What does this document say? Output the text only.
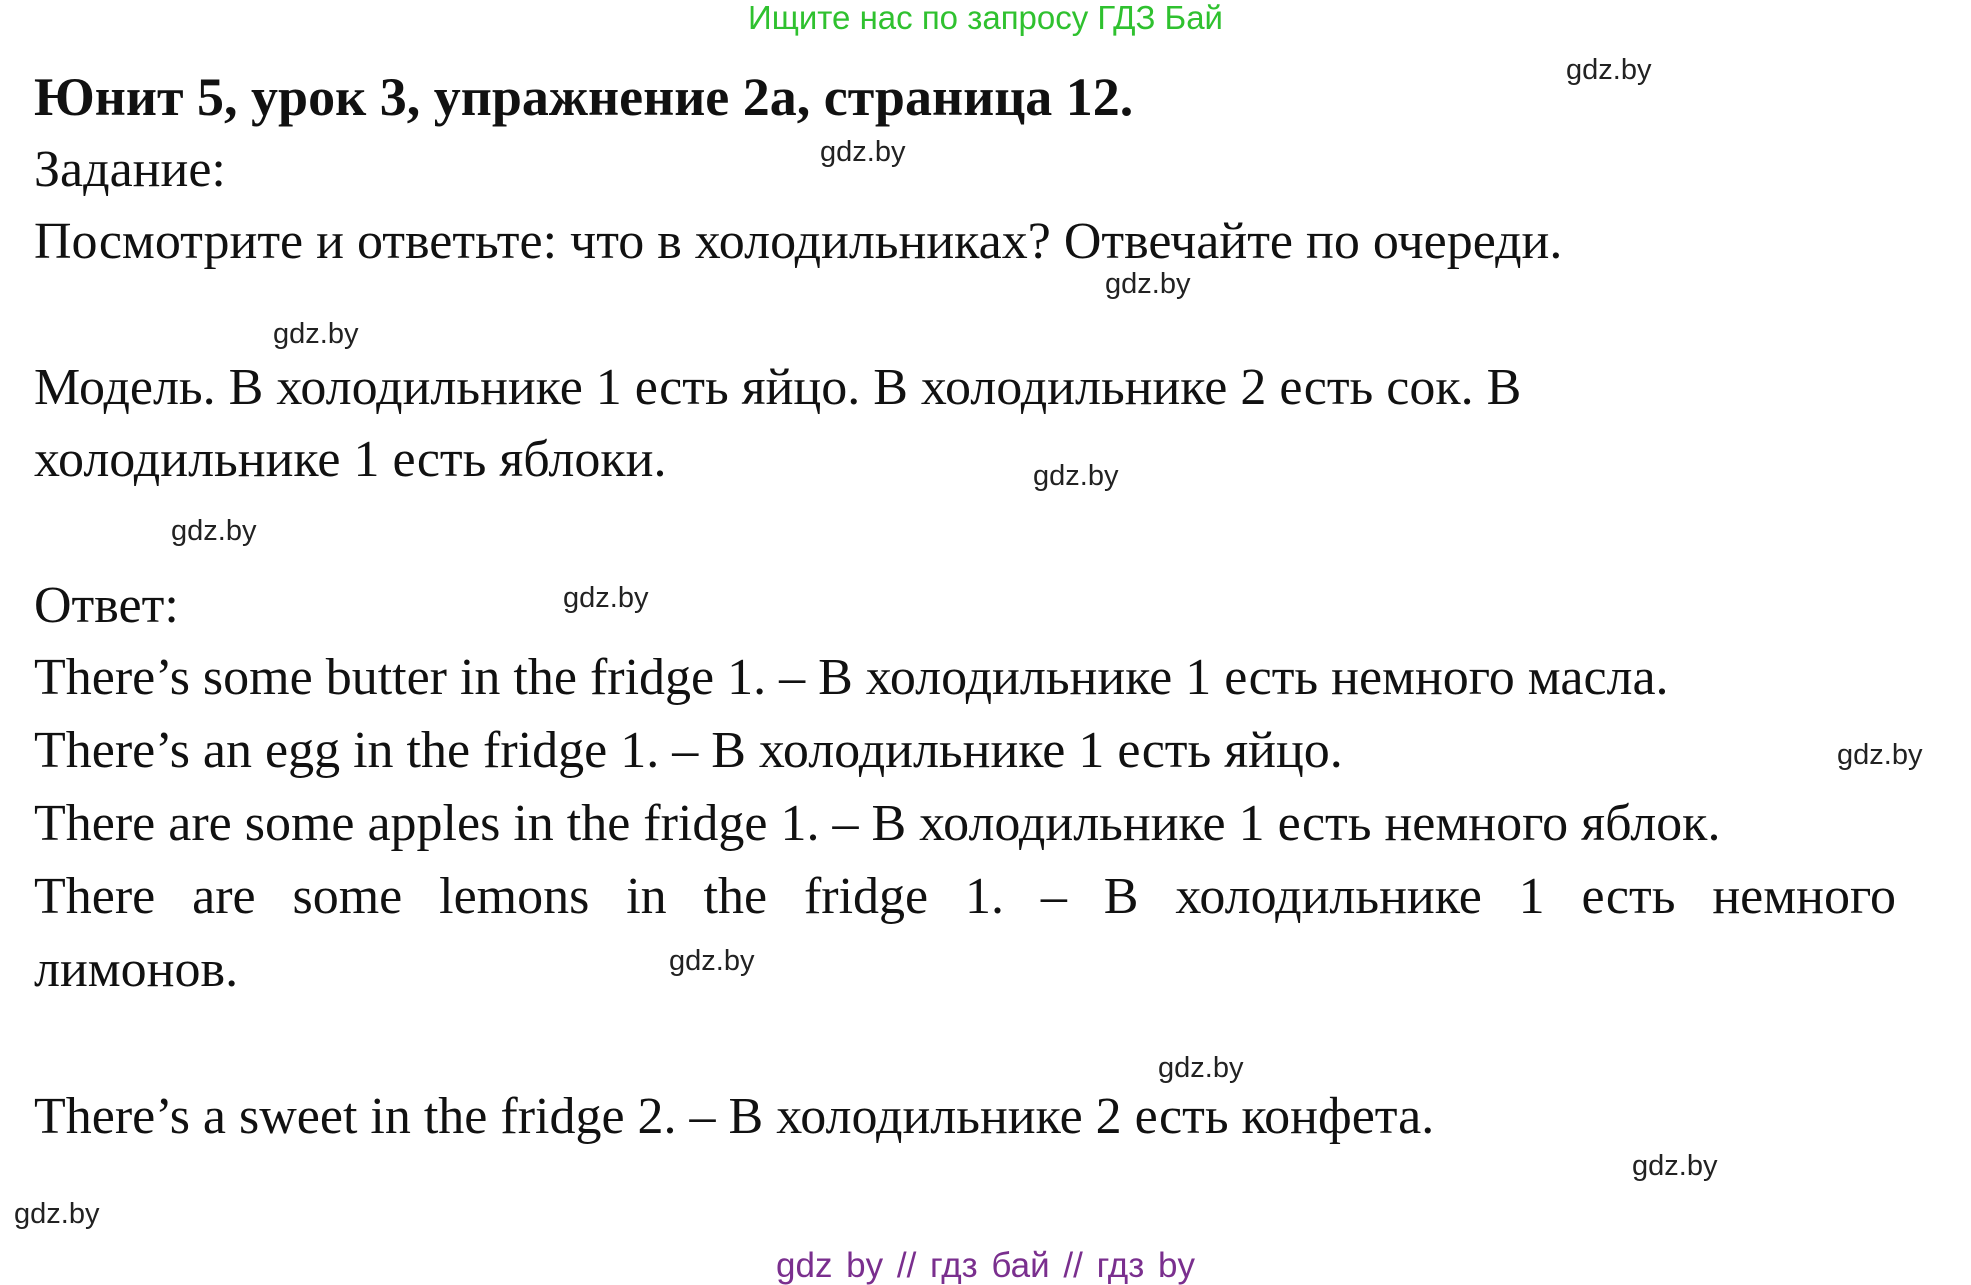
Ищите нас по запросу ГДЗ Бай
Юнит 5, урок 3, упражнение 2а, страница 12.
Задание:
Посмотрите и ответьте: что в холодильниках? Отвечайте по очереди.
Модель. В холодильнике 1 есть яйцо. В холодильнике 2 есть сок. В
холодильнике 1 есть яблоки.
Ответ:
There’s some butter in the fridge 1. – В холодильнике 1 есть немного масла.
There’s an egg in the fridge 1. – В холодильнике 1 есть яйцо.
There are some apples in the fridge 1. – В холодильнике 1 есть немного яблок.
There are some lemons in the fridge 1. – В холодильнике 1 есть немного
лимонов.
There’s a sweet in the fridge 2. – В холодильнике 2 есть конфета.
gdz.by
gdz.by
gdz.by
gdz.by
gdz.by
gdz.by
gdz.by
gdz.by
gdz.by
gdz.by
gdz.by
gdz.by
gdz by // гдз бай // гдз by
